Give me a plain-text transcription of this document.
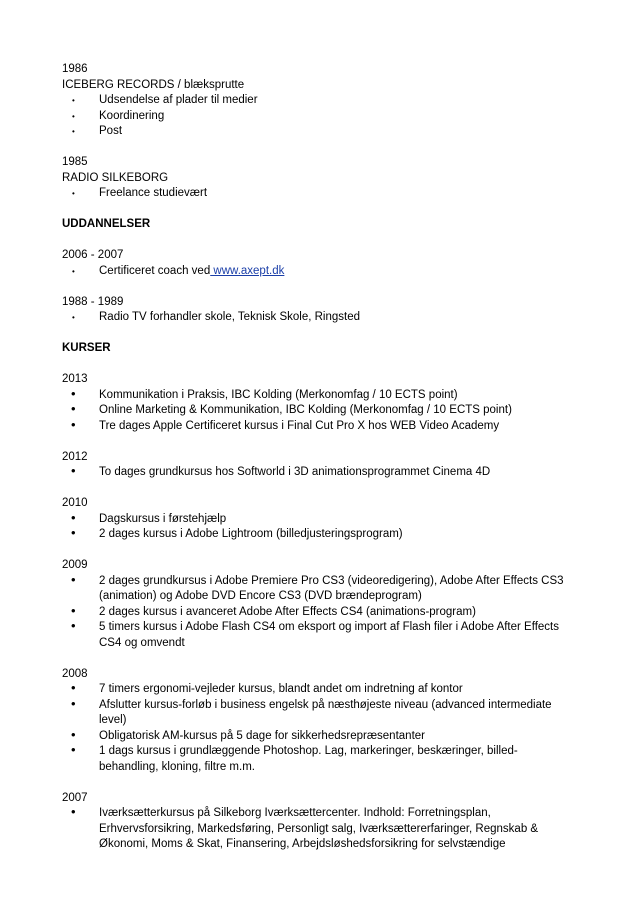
1986
ICEBERG RECORDS / blæksprutte
• Udsendelse af plader til medier
• Koordinering
• Post
1985
RADIO SILKEBORG
• Freelance studievært
UDDANNELSER
2006 - 2007
• Certificeret coach ved www.axept.dk
1988 - 1989
• Radio TV forhandler skole, Teknisk Skole, Ringsted
KURSER
2013
• Kommunikation i Praksis, IBC Kolding (Merkonomfag / 10 ECTS point)
• Online Marketing & Kommunikation, IBC Kolding (Merkonomfag / 10 ECTS point)
• Tre dages Apple Certificeret kursus i Final Cut Pro X hos WEB Video Academy
2012
• To dages grundkursus hos Softworld i 3D animationsprogrammet Cinema 4D
2010
• Dagskursus i førstehjælp
• 2 dages kursus i Adobe Lightroom (billedjusteringsprogram)
2009
• 2 dages grundkursus i Adobe Premiere Pro CS3 (videoredigering), Adobe After Effects CS3
(animation) og Adobe DVD Encore CS3 (DVD brændeprogram)
• 2 dages kursus i avanceret Adobe After Effects CS4 (animations-program)
• 5 timers kursus i Adobe Flash CS4 om eksport og import af Flash filer i Adobe After Effects
CS4 og omvendt
2008
• 7 timers ergonomi-vejleder kursus, blandt andet om indretning af kontor
• Afslutter kursus-forløb i business engelsk på næsthøjeste niveau (advanced intermediate
level)
• Obligatorisk AM-kursus på 5 dage for sikkerhedsrepræsentanter
• 1 dags kursus i grundlæggende Photoshop. Lag, markeringer, beskæringer, billed-
behandling, kloning, filtre m.m.
2007
• Iværksætterkursus på Silkeborg Iværksættercenter. Indhold: Forretningsplan,
Erhvervsforsikring, Markedsføring, Personligt salg, Iværksættererfaringer, Regnskab &
Økonomi, Moms & Skat, Finansering, Arbejdsløshedsforsikring for selvstændige
